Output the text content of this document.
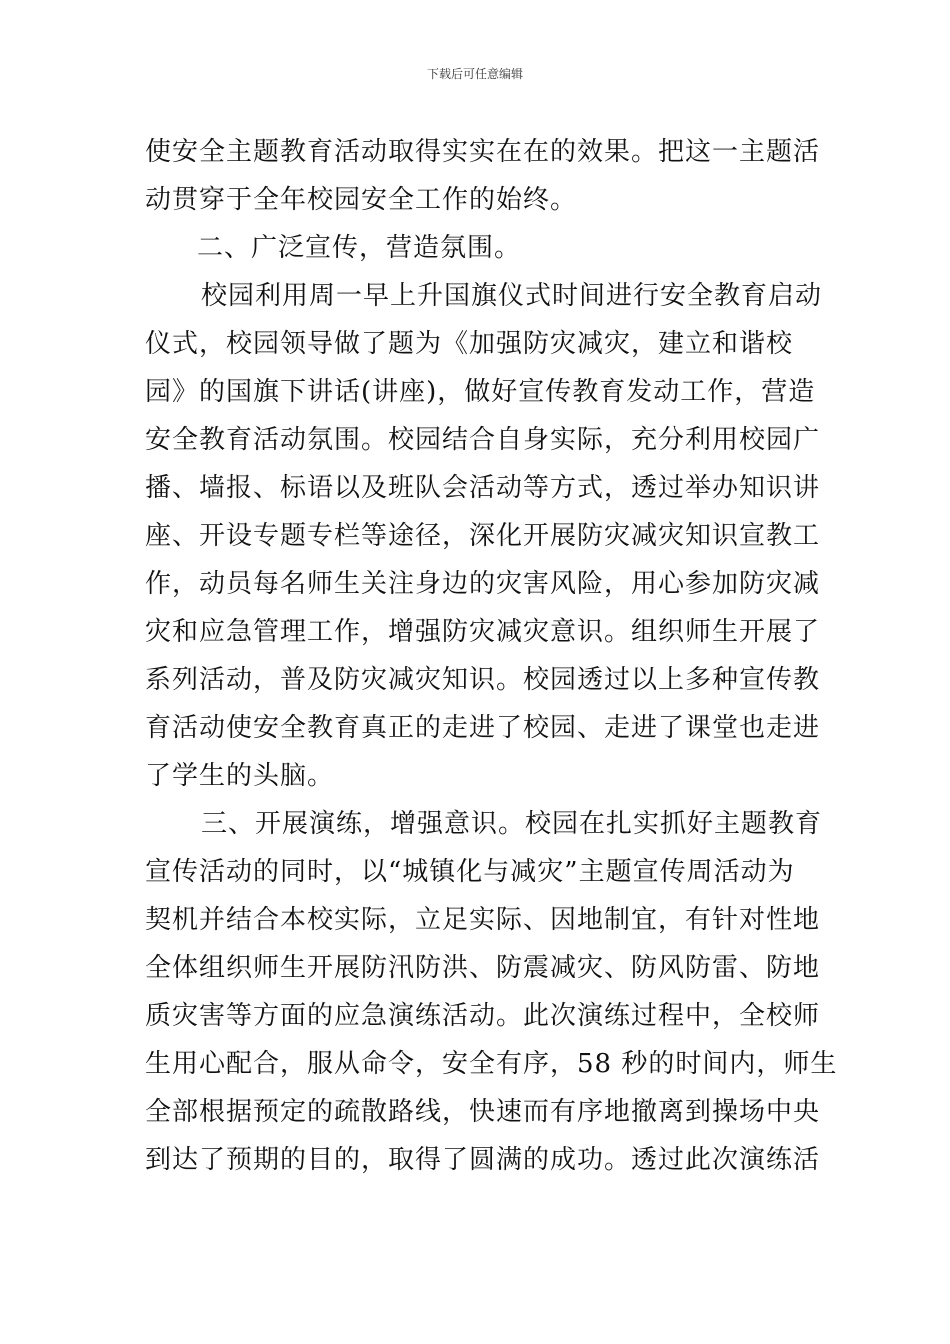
下载后可任意编辑
使安全主题教育活动取得实实在在的效果。把这一主题活
动贯穿于全年校园安全工作的始终。
二、广泛宣传，营造氛围。
校园利用周一早上升国旗仪式时间进行安全教育启动
仪式，校园领导做了题为《加强防灾减灾，建立和谐校
园》的国旗下讲话(讲座)，做好宣传教育发动工作，营造
安全教育活动氛围。校园结合自身实际，充分利用校园广
播、墙报、标语以及班队会活动等方式，透过举办知识讲
座、开设专题专栏等途径，深化开展防灾减灾知识宣教工
作，动员每名师生关注身边的灾害风险，用心参加防灾减
灾和应急管理工作，增强防灾减灾意识。组织师生开展了
系列活动，普及防灾减灾知识。校园透过以上多种宣传教
育活动使安全教育真正的走进了校园、走进了课堂也走进
了学生的头脑。
三、开展演练，增强意识。校园在扎实抓好主题教育
宣传活动的同时，以“城镇化与减灾”主题宣传周活动为
契机并结合本校实际，立足实际、因地制宜，有针对性地
全体组织师生开展防汛防洪、防震减灾、防风防雷、防地
质灾害等方面的应急演练活动。此次演练过程中，全校师
生用心配合，服从命令，安全有序，58 秒的时间内，师生
全部根据预定的疏散路线，快速而有序地撤离到操场中央
到达了预期的目的，取得了圆满的成功。透过此次演练活
